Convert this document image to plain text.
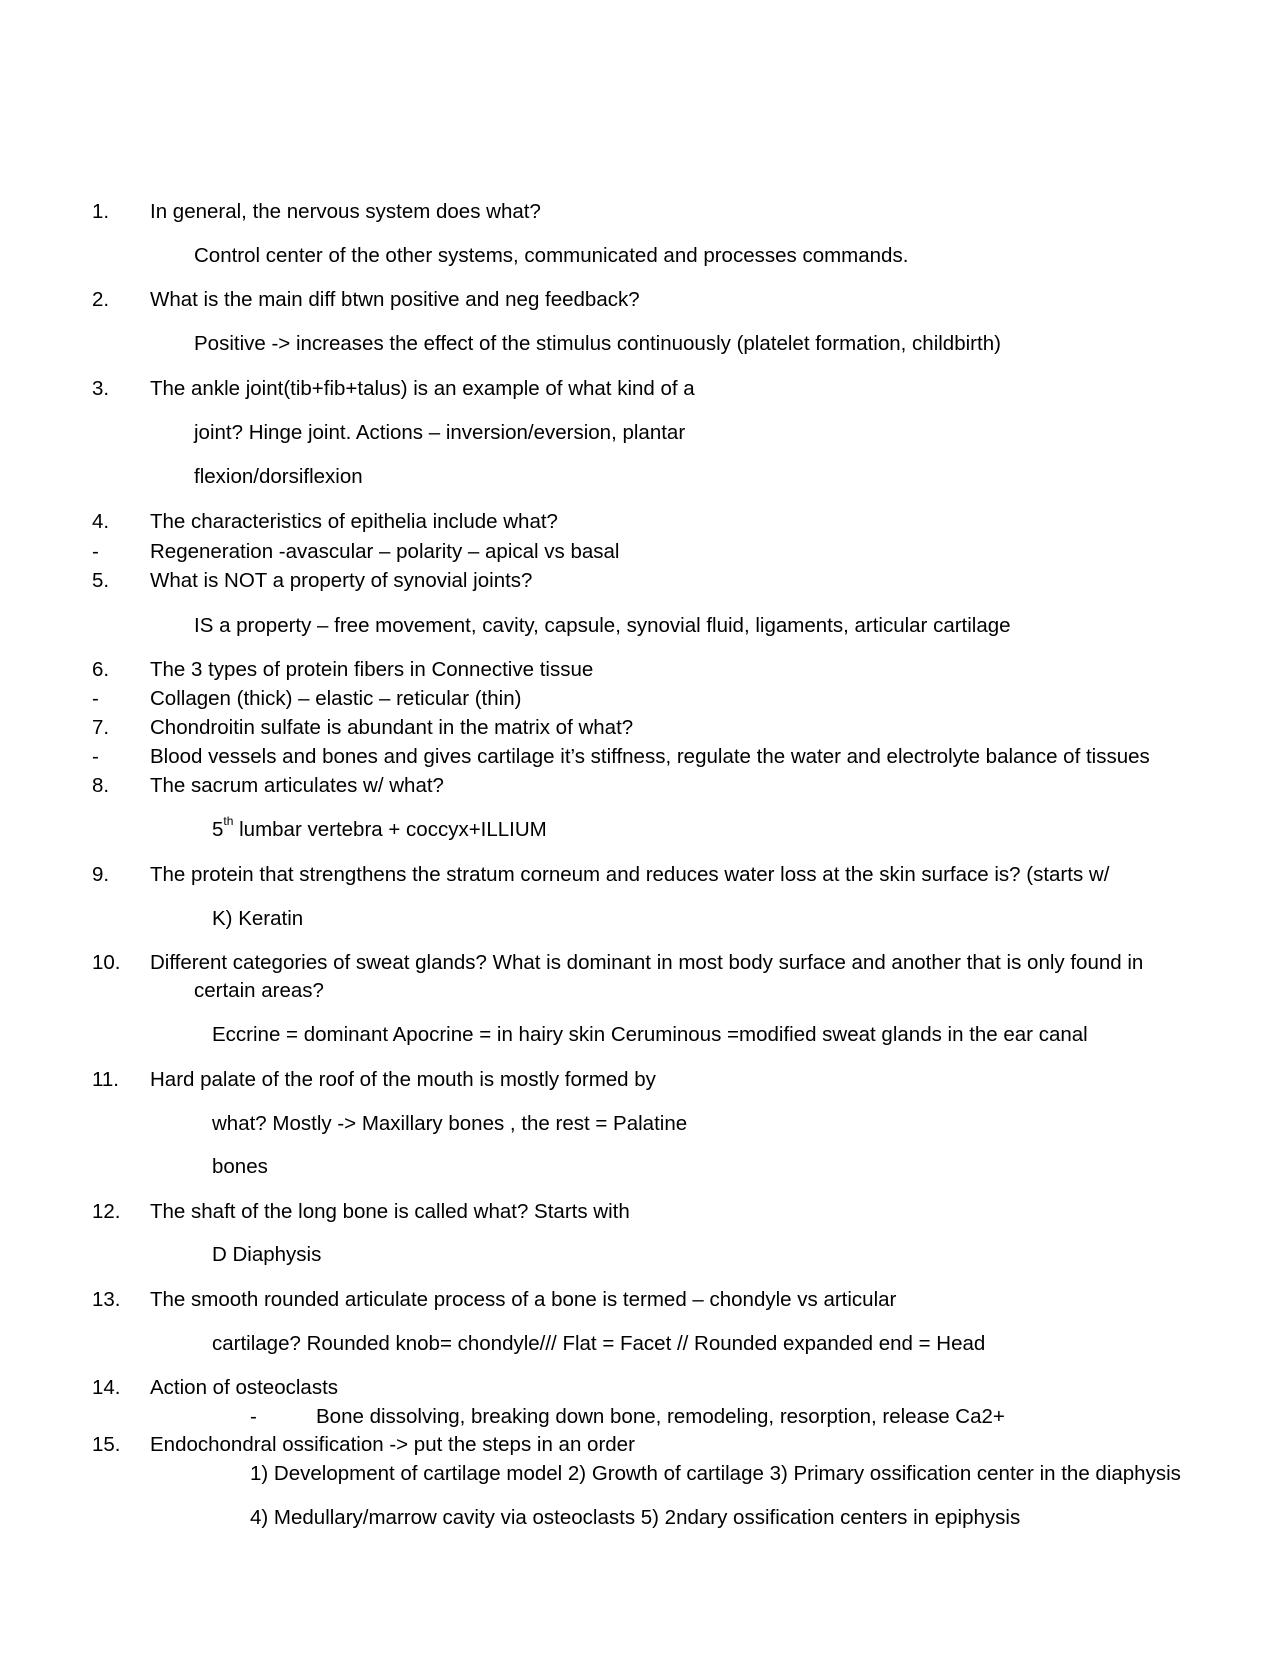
1. In general, the nervous system does what?
Control center of the other systems, communicated and processes commands.
2. What is the main diff btwn positive and neg feedback?
Positive -> increases the effect of the stimulus continuously (platelet formation, childbirth)
3. The ankle joint(tib+fib+talus) is an example of what kind of a
joint? Hinge joint. Actions – inversion/eversion, plantar
flexion/dorsiflexion
4. The characteristics of epithelia include what?
- Regeneration -avascular – polarity – apical vs basal
5. What is NOT a property of synovial joints?
IS a property – free movement, cavity, capsule, synovial fluid, ligaments, articular cartilage
6. The 3 types of protein fibers in Connective tissue
- Collagen (thick) – elastic – reticular (thin)
7. Chondroitin sulfate is abundant in the matrix of what?
- Blood vessels and bones and gives cartilage it’s stiffness, regulate the water and electrolyte balance of tissues
8. The sacrum articulates w/ what?
5th lumbar vertebra + coccyx+ILLIUM
9. The protein that strengthens the stratum corneum and reduces water loss at the skin surface is? (starts w/
K) Keratin
10. Different categories of sweat glands? What is dominant in most body surface and another that is only found in
certain areas?
Eccrine = dominant Apocrine = in hairy skin Ceruminous =modified sweat glands in the ear canal
11. Hard palate of the roof of the mouth is mostly formed by
what? Mostly -> Maxillary bones , the rest = Palatine
bones
12. The shaft of the long bone is called what? Starts with
D Diaphysis
13. The smooth rounded articulate process of a bone is termed – chondyle vs articular
cartilage? Rounded knob= chondyle/// Flat = Facet // Rounded expanded end = Head
14. Action of osteoclasts
-	Bone dissolving, breaking down bone, remodeling, resorption, release Ca2+
15. Endochondral ossification -> put the steps in an order
1) Development of cartilage model 2) Growth of cartilage 3) Primary ossification center in the diaphysis
4) Medullary/marrow cavity via osteoclasts 5) 2ndary ossification centers in epiphysis
